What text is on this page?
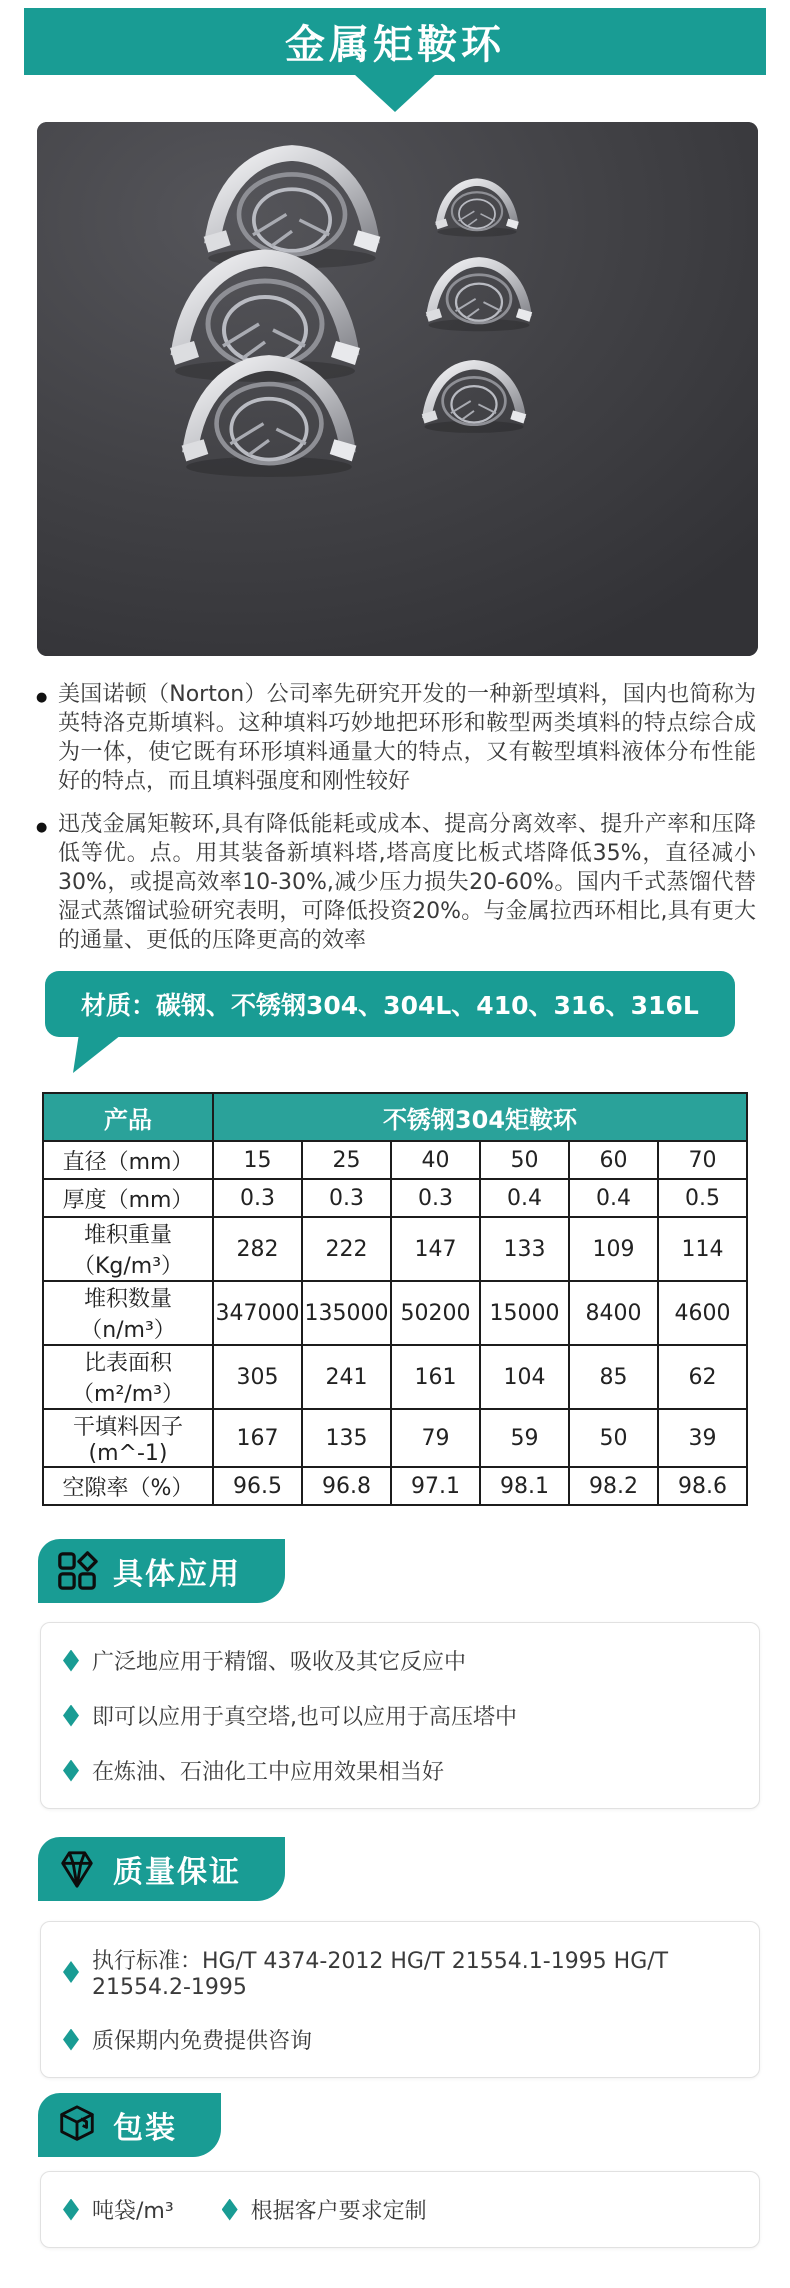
金属矩鞍环
● 美国诺顿（Norton）公司率先研究开发的一种新型填料，国内也简称为英特洛克斯填料。这种填料巧妙地把环形和鞍型两类填料的特点综合成为一体，使它既有环形填料通量大的特点，又有鞍型填料液体分布性能好的特点，而且填料强度和刚性较好
● 迅茂金属矩鞍环,具有降低能耗或成本、提高分离效率、提升产率和压降低等优。点。用其装备新填料塔,塔高度比板式塔降低35%，直径减小30%，或提高效率10-30%,减少压力损失20-60%。国内千式蒸馏代替湿式蒸馏试验研究表明，可降低投资20%。与金属拉西环相比,具有更大的通量、更低的压降更高的效率
材质：碳钢、不锈钢304、304L、410、316、316L
产品	不锈钢304矩鞍环					
直径（mm）	15	25	40	50	60	70
厚度（mm）	0.3	0.3	0.3	0.4	0.4	0.5
堆积重量（Kg/m³）	282	222	147	133	109	114
堆积数量（n/m³）	347000	135000	50200	15000	8400	4600
比表面积（m²/m³）	305	241	161	104	85	62
干填料因子(m^-1)	167	135	79	59	50	39
空隙率（%）	96.5	96.8	97.1	98.1	98.2	98.6
具体应用
广泛地应用于精馏、吸收及其它反应中
即可以应用于真空塔,也可以应用于高压塔中
在炼油、石油化工中应用效果相当好
质量保证
执行标准：HG/T 4374-2012 HG/T 21554.1-1995 HG/T 21554.2-1995
质保期内免费提供咨询
包装
吨袋/m³	根据客户要求定制
